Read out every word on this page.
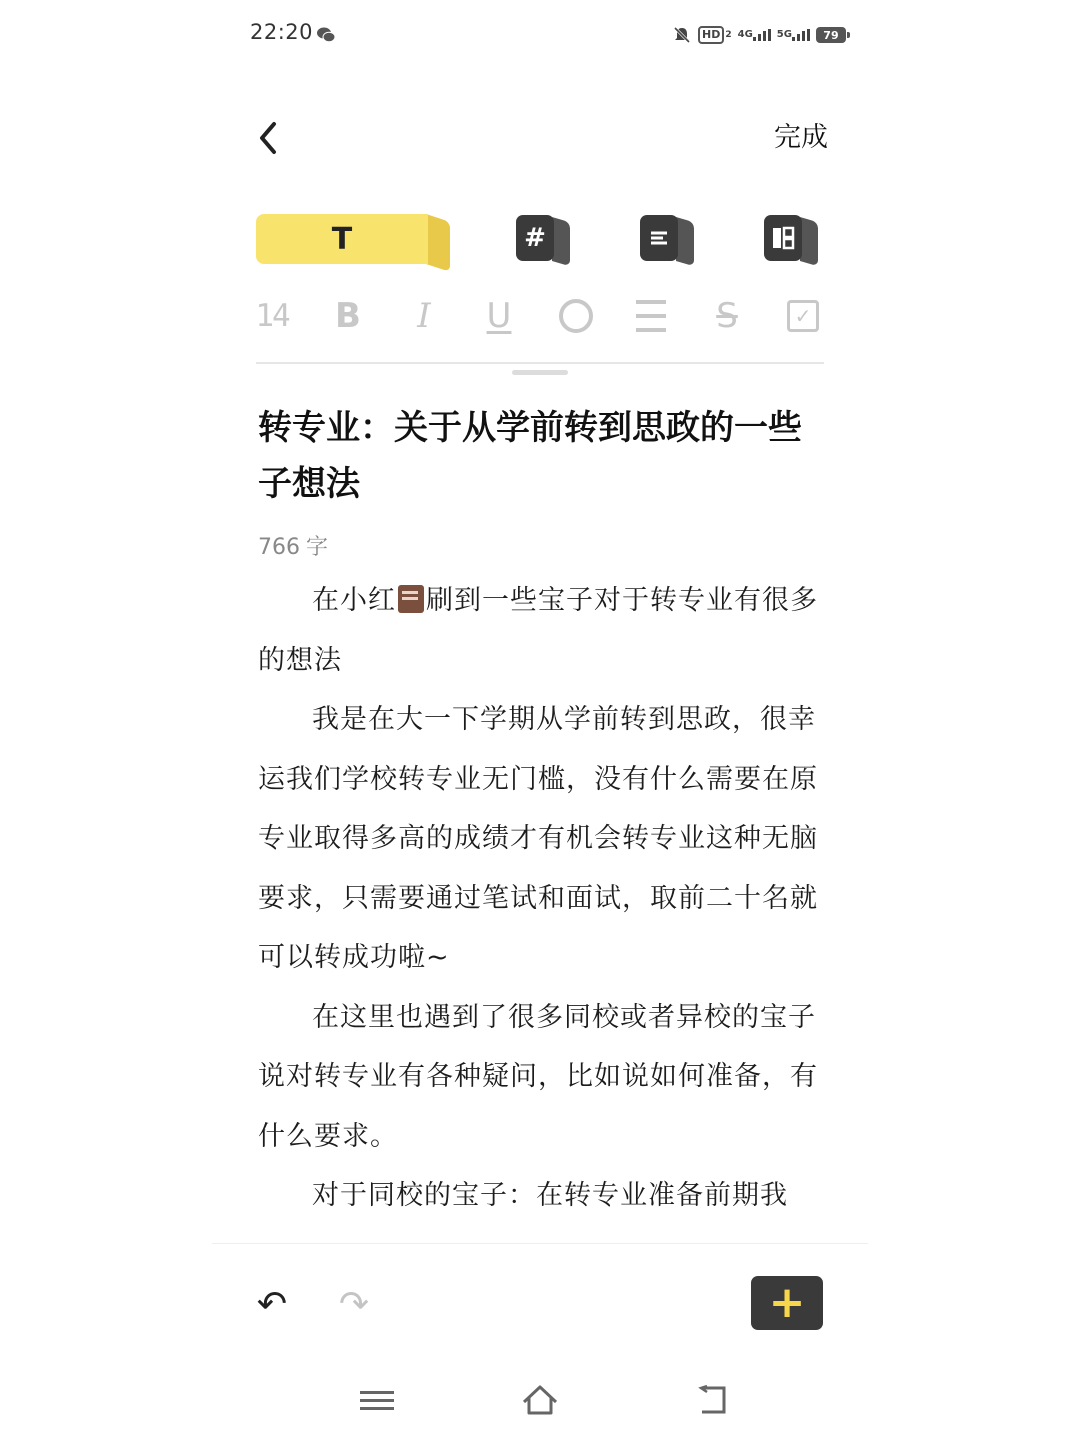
22:20	HD 2 4G 5G	79
完成
T	#
14 B	I	U	S	✓
转专业：关于从学前转到思政的一些子想法
766 字

在小红 刷到一些宝子对于转专业有很多的想法

我是在大一下学期从学前转到思政，很幸运我们学校转专业无门槛，没有什么需要在原专业取得多高的成绩才有机会转专业这种无脑要求，只需要通过笔试和面试，取前二十名就可以转成功啦~

在这里也遇到了很多同校或者异校的宝子说对转专业有各种疑问，比如说如何准备，有什么要求。

对于同校的宝子：在转专业准备前期我

↶ ↷	+
